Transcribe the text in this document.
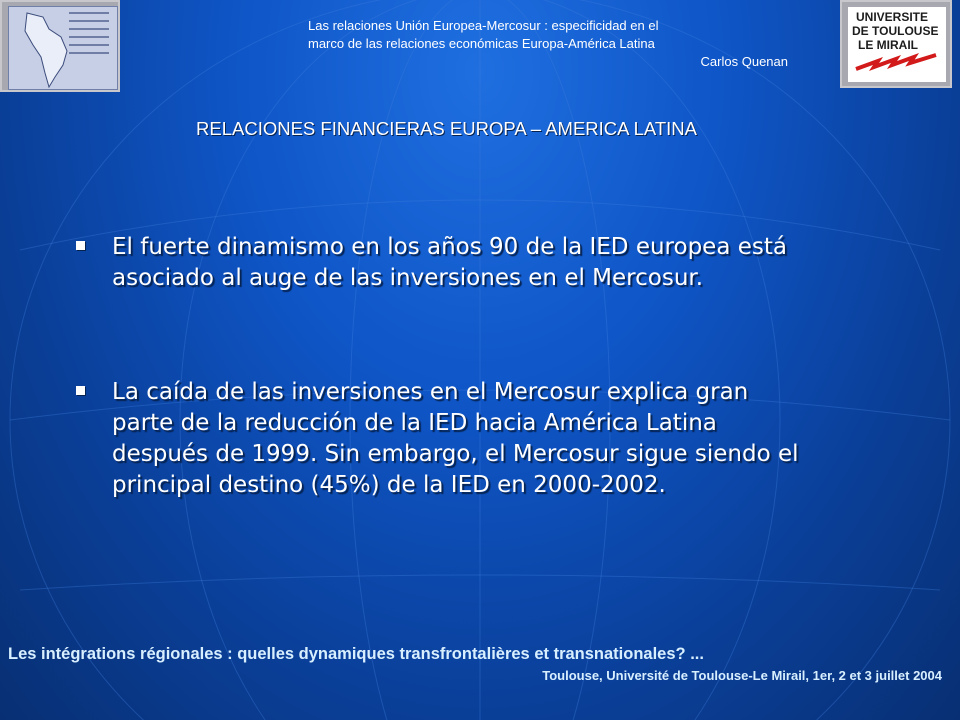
UNIVERSITE
DE TOULOUSE
LE MIRAIL
Las relaciones Unión Europea-Mercosur : especificidad en el
marco de las relaciones económicas Europa-América Latina

Carlos Quenan
RELACIONES FINANCIERAS EUROPA – AMERICA LATINA
El fuerte dinamismo en los años 90 de la IED europea está
asociado al auge de las inversiones en el Mercosur.
La caída de las inversiones en el Mercosur explica gran
parte de la reducción de la IED hacia América Latina
después de 1999. Sin embargo, el Mercosur sigue siendo el
principal destino (45%) de la IED en 2000-2002.
Les intégrations régionales : quelles dynamiques transfrontalières et transnationales? ...
Toulouse, Université de Toulouse-Le Mirail, 1er, 2 et 3 juillet 2004
